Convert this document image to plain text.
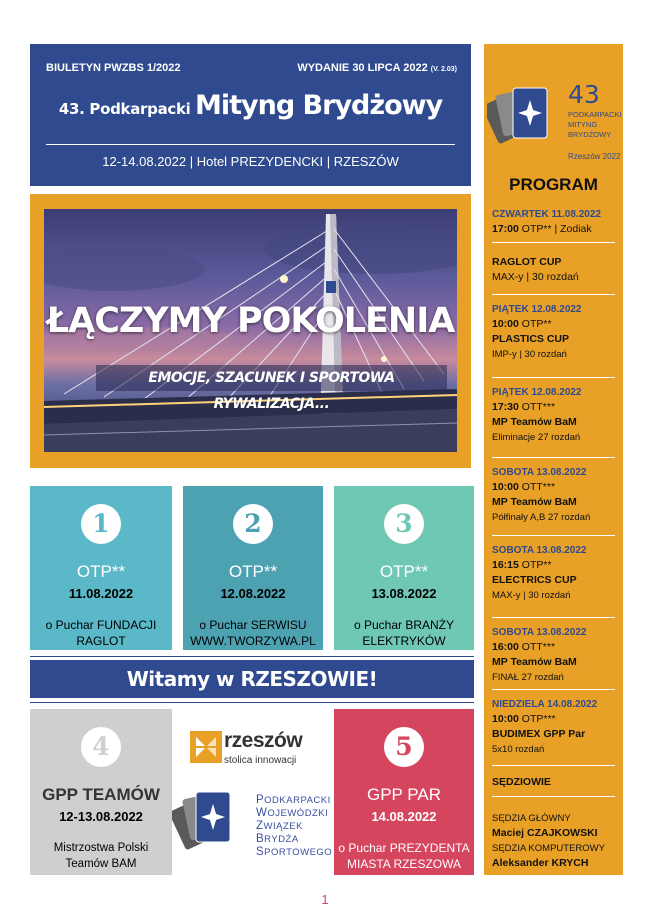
BIULETYN PWZBS 1/2022	WYDANIE 30 LIPCA 2022 (V. 2.03)
43. Podkarpacki Mityng Brydżowy
12-14.08.2022 | Hotel PREZYDENCKI | RZESZÓW
ŁĄCZYMY POKOLENIA
EMOCJE, SZACUNEK I SPORTOWA RYWALIZACJA...
1
OTP**
11.08.2022
o Puchar FUNDACJI
RAGLOT
2
OTP**
12.08.2022
o Puchar SERWISU
WWW.TWORZYWA.PL
3
OTP**
13.08.2022
o Puchar BRANŻY
ELEKTRYKÓW
Witamy w RZESZOWIE!
4
GPP TEAMÓW
12-13.08.2022
Mistrzostwa Polski
Teamów BAM
rzeszów
stolica innowacji
PODKARPACKI
WOJEWÓDZKI
ZWIĄZEK
BRYDŻA
SPORTOWEGO
5
GPP PAR
14.08.2022
o Puchar PREZYDENTA
MIASTA RZESZOWA
43
PODKARPACKI
MITYNG
BRYDŻOWY
Rzeszów 2022
PROGRAM
CZWARTEK 11.08.2022
17:00 OTP** | Zodiak
RAGLOT CUP
MAX-y | 30 rozdań
PIĄTEK 12.08.2022
10:00 OTP**
PLASTICS CUP
IMP-y | 30 rozdań
PIĄTEK 12.08.2022
17:30 OTT***
MP Teamów BaM
Eliminacje 27 rozdań
SOBOTA 13.08.2022
10:00 OTT***
MP Teamów BaM
Półfinały A,B 27 rozdań
SOBOTA 13.08.2022
16:15 OTP**
ELECTRICS CUP
MAX-y | 30 rozdań
SOBOTA 13.08.2022
16:00 OTT***
MP Teamów BaM
FINAŁ 27 rozdań
NIEDZIELA 14.08.2022
10:00 OTP***
BUDIMEX GPP Par
5x10 rozdań
SĘDZIOWIE
SĘDZIA GŁÓWNY
Maciej CZAJKOWSKI
SĘDZIA KOMPUTEROWY
Aleksander KRYCH
1
